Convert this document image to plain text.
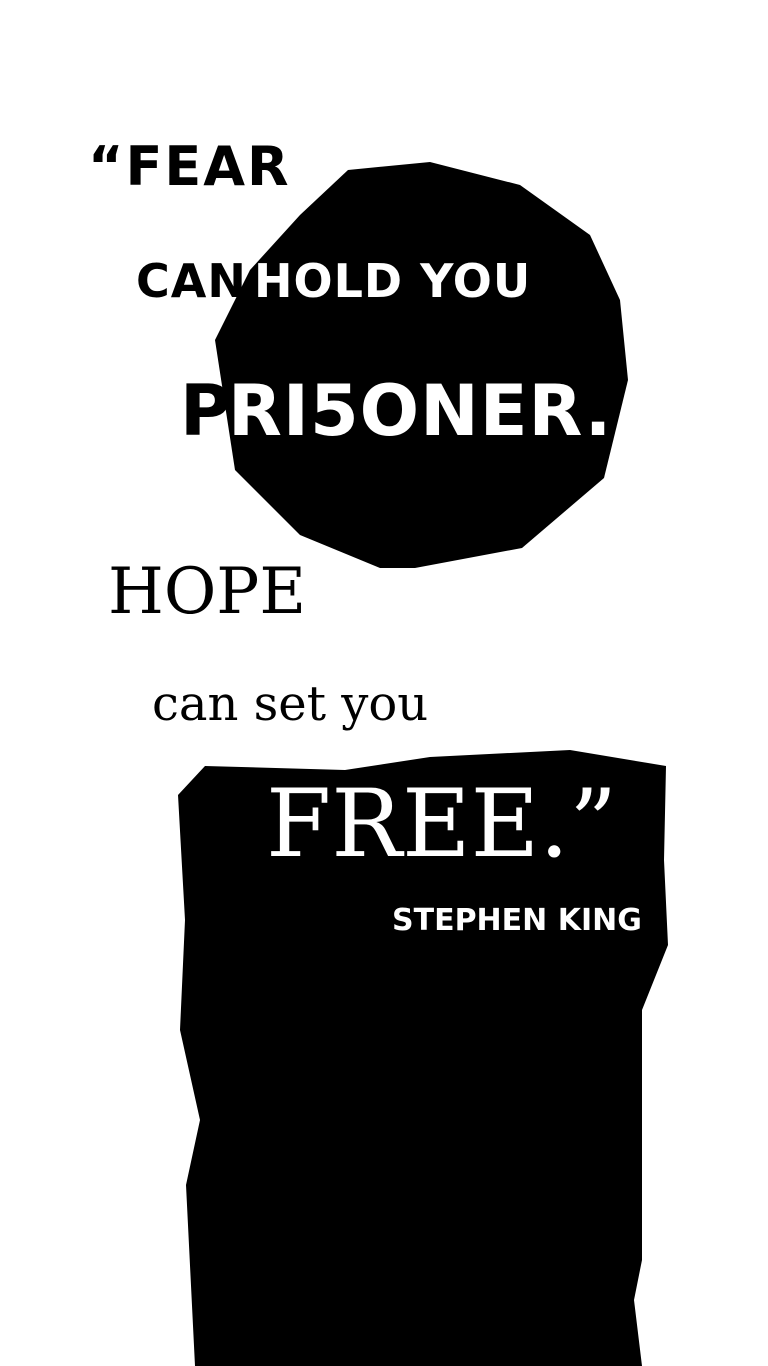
“FEAR
CAN HOLD YOU
P
RI5ONER.
HOPE
can set you
FREE.”
STEPHEN KING
